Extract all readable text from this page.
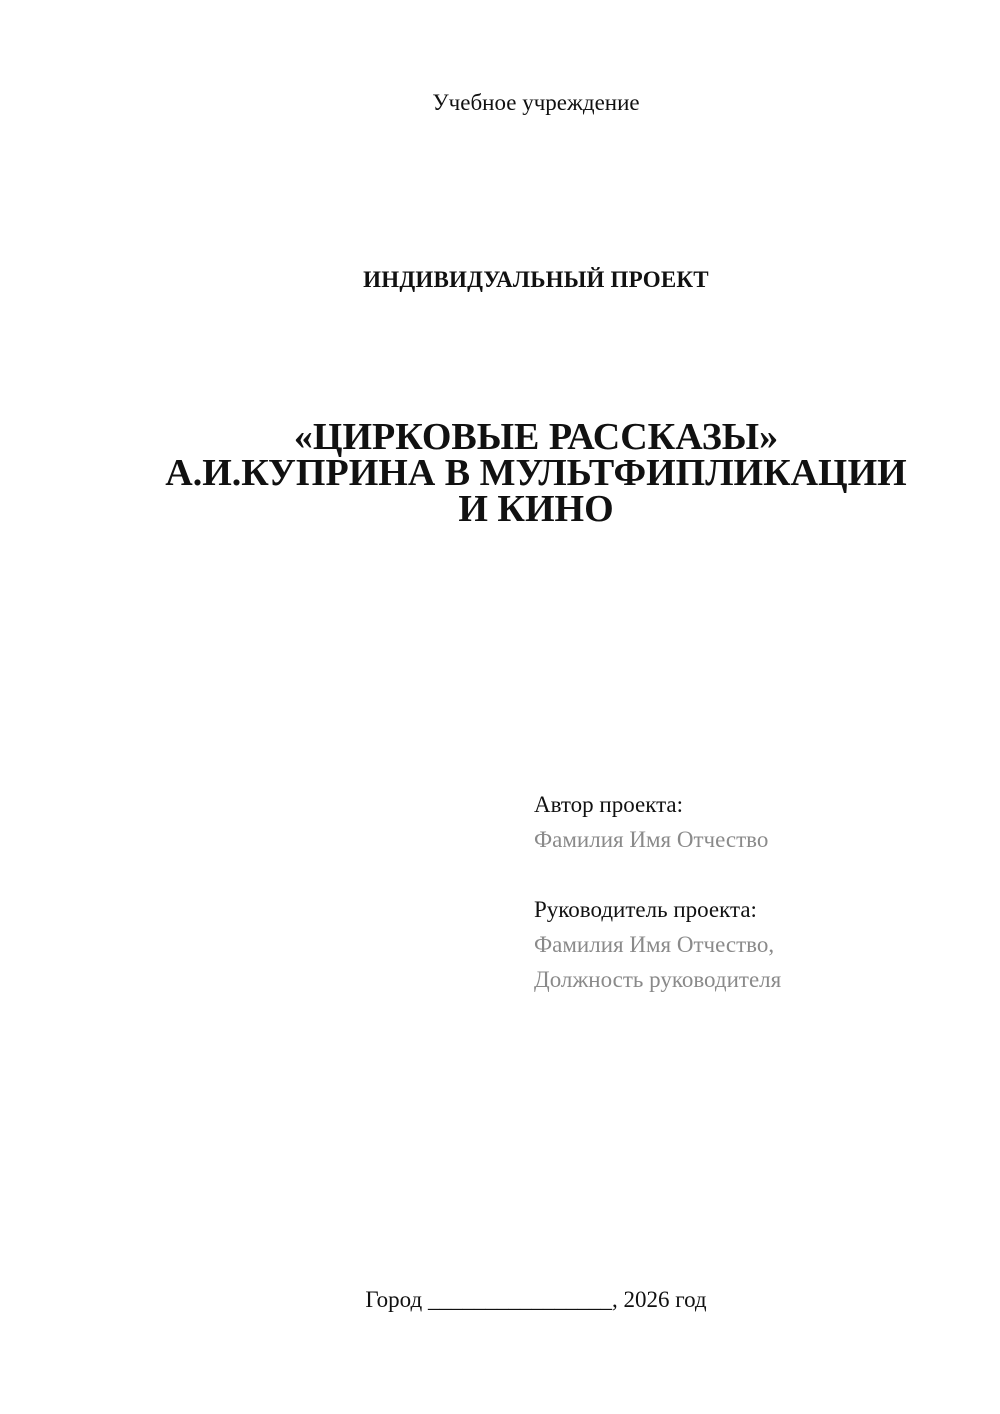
Учебное учреждение
ИНДИВИДУАЛЬНЫЙ ПРОЕКТ
«ЦИРКОВЫЕ РАССКАЗЫ»
А.И.КУПРИНА В МУЛЬТФИПЛИКАЦИИ
И КИНО
Автор проекта:
Фамилия Имя Отчество
Руководитель проекта:
Фамилия Имя Отчество,
Должность руководителя
Город ________________, 2026 год
